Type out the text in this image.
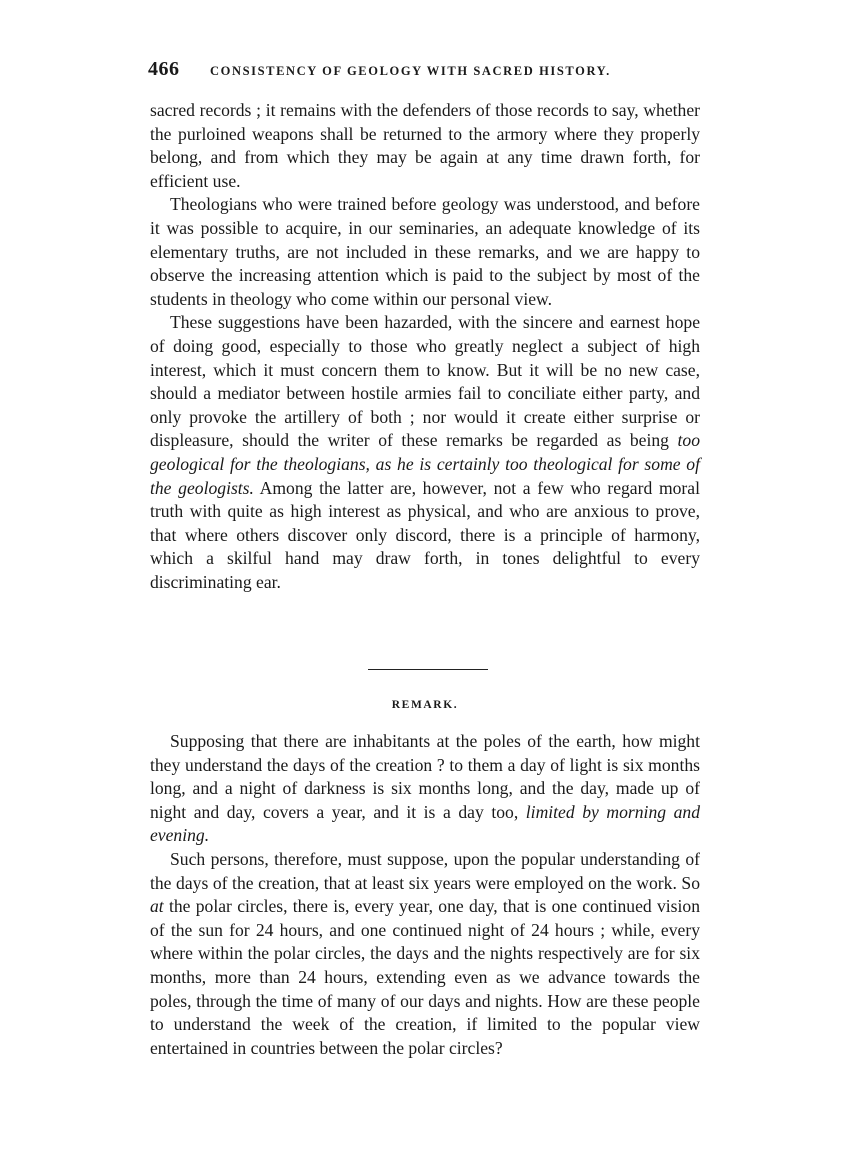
466 CONSISTENCY OF GEOLOGY WITH SACRED HISTORY.

sacred records ; it remains with the defenders of those records to say, whether the purloined weapons shall be returned to the armory where they properly belong, and from which they may be again at any time drawn forth, for efficient use.

Theologians who were trained before geology was understood, and before it was possible to acquire, in our seminaries, an adequate knowledge of its elementary truths, are not included in these remarks, and we are happy to observe the increasing attention which is paid to the subject by most of the students in theology who come within our personal view.

These suggestions have been hazarded, with the sincere and earnest hope of doing good, especially to those who greatly neglect a subject of high interest, which it must concern them to know. But it will be no new case, should a mediator between hostile armies fail to conciliate either party, and only provoke the artillery of both ; nor would it create either surprise or displeasure, should the writer of these remarks be regarded as being too geological for the theologians, as he is certainly too theological for some of the geologists. Among the latter are, however, not a few who regard moral truth with quite as high interest as physical, and who are anxious to prove, that where others discover only discord, there is a principle of harmony, which a skilful hand may draw forth, in tones delightful to every discriminating ear.

REMARK.

Supposing that there are inhabitants at the poles of the earth, how might they understand the days of the creation ? to them a day of light is six months long, and a night of darkness is six months long, and the day, made up of night and day, covers a year, and it is a day too, limited by morning and evening.

Such persons, therefore, must suppose, upon the popular understanding of the days of the creation, that at least six years were employed on the work. So at the polar circles, there is, every year, one day, that is one continued vision of the sun for 24 hours, and one continued night of 24 hours ; while, every where within the polar circles, the days and the nights respectively are for six months, more than 24 hours, extending even as we advance towards the poles, through the time of many of our days and nights. How are these people to understand the week of the creation, if limited to the popular view entertained in countries between the polar circles?
